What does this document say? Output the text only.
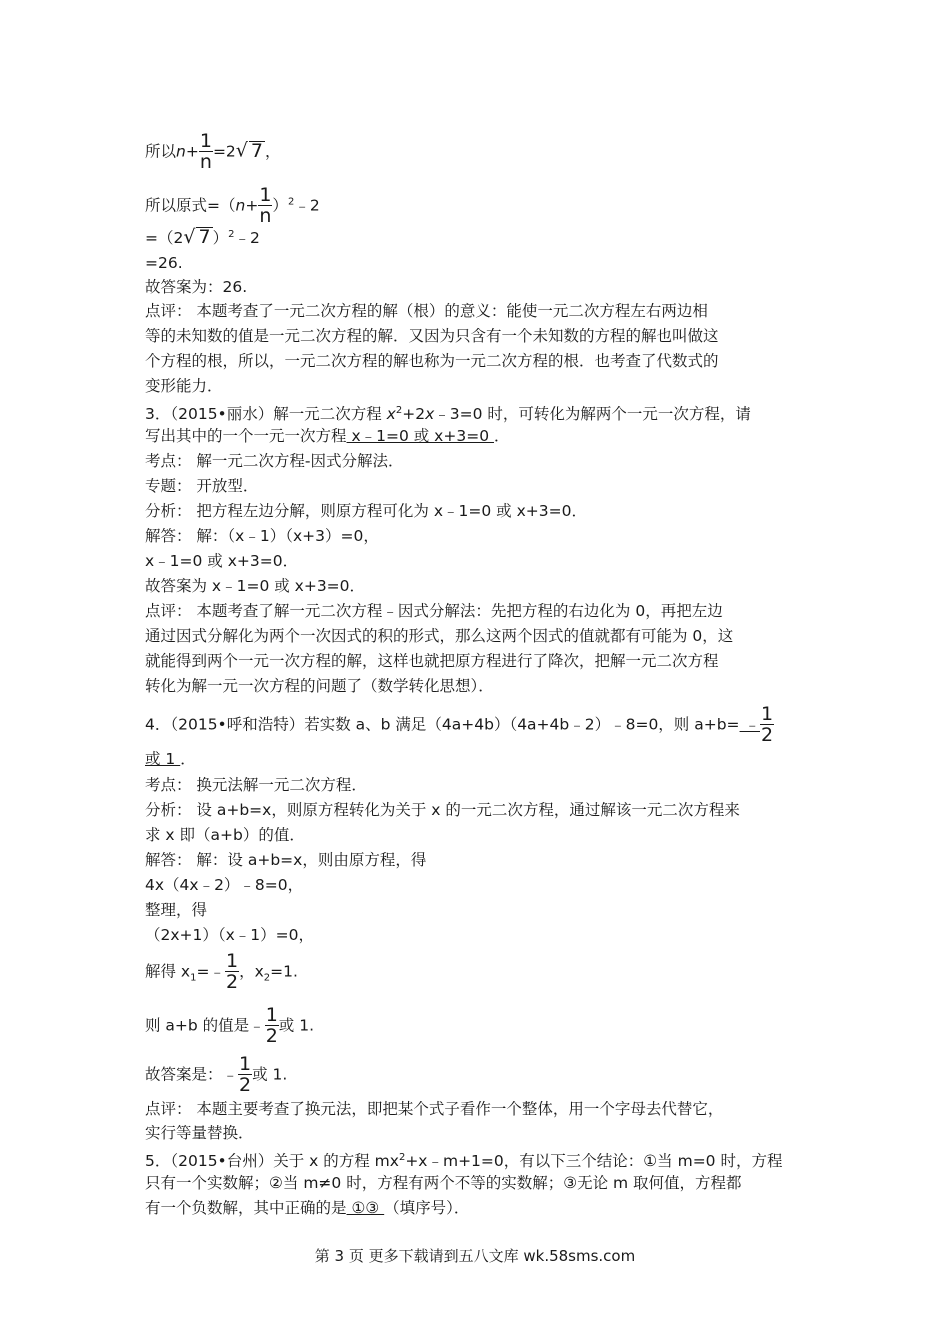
所以$n+ \frac{1}{n} =2√$ 7 ，
所以原式$=(n+ \frac{1}{n}$ ）$^2﹣2$
=（2√ 7 ）$^2$﹣2
=26.
故答案为：26.
点评： 本题考查了一元二次方程的解（根）的意义：能使一元二次方程左右两边相
等的未知数的值是一元二次方程的解．又因为只含有一个未知数的方程的解也叫做这
个方程的根，所以，一元二次方程的解也称为一元二次方程的根．也考查了代数式的
变形能力．
3．（2015•丽水）解一元二次方程 $x^2+2x﹣3=0$ 时，可转化为解两个一元一次方程，请
写出其中的一个一元一次方程 x﹣1=0 或 x+3=0 ．
考点： 解一元二次方程-因式分解法．
专题： 开放型．
分析： 把方程左边分解，则原方程可化为 x﹣1=0 或 x+3=0．
解答： 解：（x﹣1）（x+3）=0，
x﹣1=0 或 x+3=0．
故答案为 x﹣1=0 或 x+3=0．
点评： 本题考查了解一元二次方程﹣因式分解法：先把方程的右边化为 0，再把左边
通过因式分解化为两个一次因式的积的形式，那么这两个因式的值就都有可能为 0，这
就能得到两个一元一次方程的解，这样也就把原方程进行了降次，把解一元二次方程
转化为解一元一次方程的问题了（数学转化思想）．
4．（2015•呼和浩特）若实数 a、b 满足（4a+4b）（4a+4b﹣2）﹣8=0，则 a+b= ﹣ $\frac{1}{2}$
或 1 ．
考点： 换元法解一元二次方程．
分析： 设 a+b=x，则原方程转化为关于 x 的一元二次方程，通过解该一元二次方程来
求 x 即（a+b）的值．
解答： 解：设 a+b=x，则由原方程，得
4x（4x﹣2）﹣8=0，
整理，得
（2x+1）（x﹣1）=0，
解得 $x_1=﹣ \frac{1}{2}$ ，$x_2=1$.
则 a+b 的值是﹣ $\frac{1}{2}$ 或 1.
故答案是：﹣ $\frac{1}{2}$ 或 1.
点评： 本题主要考查了换元法，即把某个式子看作一个整体，用一个字母去代替它，
实行等量替换．
5．（2015•台州）关于 x 的方程 $mx^2+x﹣m+1=0$，有以下三个结论：①当 m=0 时，方程
只有一个实数解；②当 m≠0 时，方程有两个不等的实数解；③无论 m 取何值，方程都
有一个负数解，其中正确的是 ①③ （填序号）．
第 3 页 更多下载请到五八文库 wk.58sms.com
